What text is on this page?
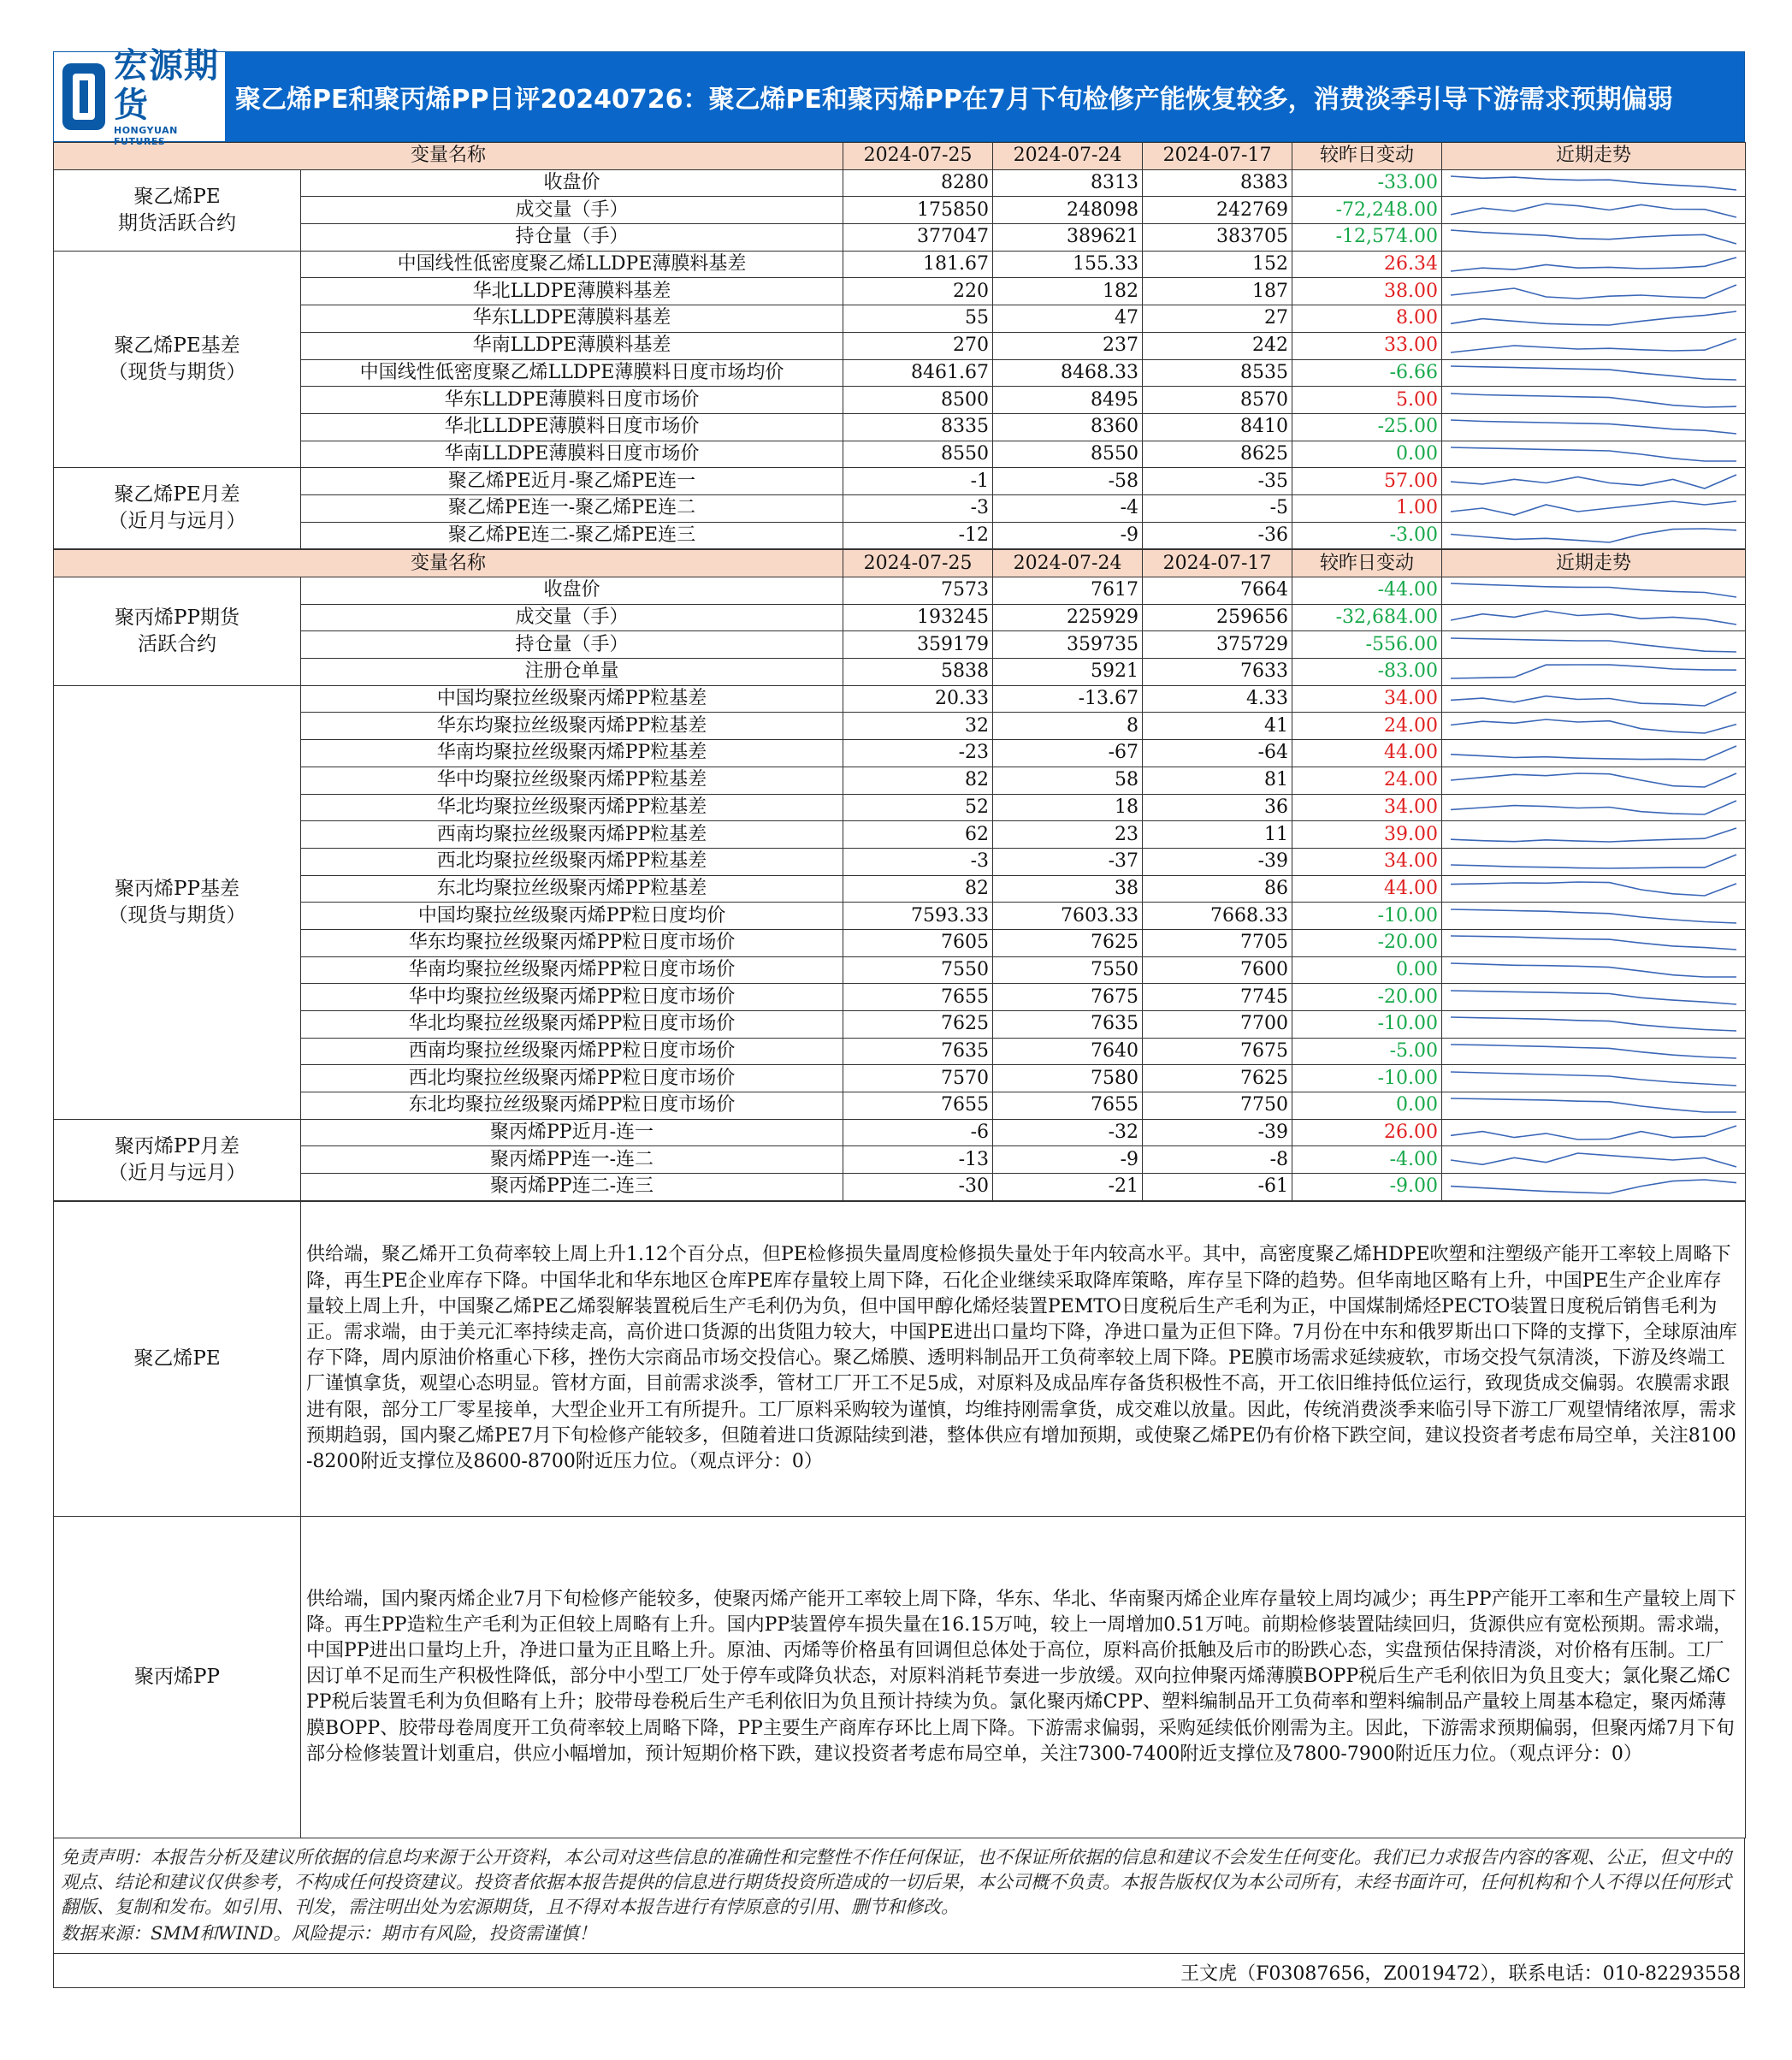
宏源期货
HONGYUAN FUTURES
聚乙烯PE和聚丙烯PP日评20240726：聚乙烯PE和聚丙烯PP在7月下旬检修产能恢复较多，消费淡季引导下游需求预期偏弱
变量名称		2024-07-25	2024-07-24	2024-07-17	较昨日变动	近期走势
聚乙烯PE
期货活跃合约	收盘价	8280	8313	8383	-33.00	

	成交量（手）	175850	248098	242769	-72,248.00	

	持仓量（手）	377047	389621	383705	-12,574.00	

聚乙烯PE基差
（现货与期货）	中国线性低密度聚乙烯LLDPE薄膜料基差	181.67	155.33	152	26.34	

	华北LLDPE薄膜料基差	220	182	187	38.00	

	华东LLDPE薄膜料基差	55	47	27	8.00	

	华南LLDPE薄膜料基差	270	237	242	33.00	

	中国线性低密度聚乙烯LLDPE薄膜料日度市场均价	8461.67	8468.33	8535	-6.66	

	华东LLDPE薄膜料日度市场价	8500	8495	8570	5.00	

	华北LLDPE薄膜料日度市场价	8335	8360	8410	-25.00	

	华南LLDPE薄膜料日度市场价	8550	8550	8625	0.00	

聚乙烯PE月差
（近月与远月）	聚乙烯PE近月-聚乙烯PE连一	-1	-58	-35	57.00	

	聚乙烯PE连一-聚乙烯PE连二	-3	-4	-5	1.00	

	聚乙烯PE连二-聚乙烯PE连三	-12	-9	-36	-3.00	
变量名称		2024-07-25	2024-07-24	2024-07-17	较昨日变动	近期走势
聚丙烯PP期货
活跃合约	收盘价	7573	7617	7664	-44.00	

	成交量（手）	193245	225929	259656	-32,684.00	

	持仓量（手）	359179	359735	375729	-556.00	

	注册仓单量	5838	5921	7633	-83.00	

聚丙烯PP基差
（现货与期货）	中国均聚拉丝级聚丙烯PP粒基差	20.33	-13.67	4.33	34.00	

	华东均聚拉丝级聚丙烯PP粒基差	32	8	41	24.00	

	华南均聚拉丝级聚丙烯PP粒基差	-23	-67	-64	44.00	

	华中均聚拉丝级聚丙烯PP粒基差	82	58	81	24.00	

	华北均聚拉丝级聚丙烯PP粒基差	52	18	36	34.00	

	西南均聚拉丝级聚丙烯PP粒基差	62	23	11	39.00	

	西北均聚拉丝级聚丙烯PP粒基差	-3	-37	-39	34.00	

	东北均聚拉丝级聚丙烯PP粒基差	82	38	86	44.00	

	中国均聚拉丝级聚丙烯PP粒日度均价	7593.33	7603.33	7668.33	-10.00	

	华东均聚拉丝级聚丙烯PP粒日度市场价	7605	7625	7705	-20.00	

	华南均聚拉丝级聚丙烯PP粒日度市场价	7550	7550	7600	0.00	

	华中均聚拉丝级聚丙烯PP粒日度市场价	7655	7675	7745	-20.00	

	华北均聚拉丝级聚丙烯PP粒日度市场价	7625	7635	7700	-10.00	

	西南均聚拉丝级聚丙烯PP粒日度市场价	7635	7640	7675	-5.00	

	西北均聚拉丝级聚丙烯PP粒日度市场价	7570	7580	7625	-10.00	

	东北均聚拉丝级聚丙烯PP粒日度市场价	7655	7655	7750	0.00	

聚丙烯PP月差
（近月与远月）	聚丙烯PP近月-连一	-6	-32	-39	26.00	

	聚丙烯PP连一-连二	-13	-9	-8	-4.00	

	聚丙烯PP连二-连三	-30	-21	-61	-9.00	
聚乙烯PE	供给端，聚乙烯开工负荷率较上周上升1.12个百分点，但PE检修损失量周度检修损失量处于年内较高水平。其中，高密度聚乙烯HDPE吹塑和注塑级产能开工率较上周略下降，再生PE企业库存下降。中国华北和华东地区仓库PE库存量较上周下降，石化企业继续采取降库策略，库存呈下降的趋势。但华南地区略有上升，中国PE生产企业库存量较上周上升，中国聚乙烯PE乙烯裂解装置税后生产毛利仍为负，但中国甲醇化烯烃装置PEMTO日度税后生产毛利为正，中国煤制烯烃PECTO装置日度税后销售毛利为正。需求端，由于美元汇率持续走高，高价进口货源的出货阻力较大，中国PE进出口量均下降，净进口量为正但下降。7月份在中东和俄罗斯出口下降的支撑下，全球原油库存下降，周内原油价格重心下移，挫伤大宗商品市场交投信心。聚乙烯膜、透明料制品开工负荷率较上周下降。PE膜市场需求延续疲软，市场交投气氛清淡，下游及终端工厂谨慎拿货，观望心态明显。管材方面，目前需求淡季，管材工厂开工不足5成，对原料及成品库存备货积极性不高，开工依旧维持低位运行，致现货成交偏弱。农膜需求跟进有限，部分工厂零星接单，大型企业开工有所提升。工厂原料采购较为谨慎，均维持刚需拿货，成交难以放量。因此，传统消费淡季来临引导下游工厂观望情绪浓厚，需求预期趋弱，国内聚乙烯PE7月下旬检修产能较多，但随着进口货源陆续到港，整体供应有增加预期，或使聚乙烯PE仍有价格下跌空间，建议投资者考虑布局空单，关注8100-8200附近支撑位及8600-8700附近压力位。（观点评分：0）
聚丙烯PP	供给端，国内聚丙烯企业7月下旬检修产能较多，使聚丙烯产能开工率较上周下降，华东、华北、华南聚丙烯企业库存量较上周均减少；再生PP产能开工率和生产量较上周下降。再生PP造粒生产毛利为正但较上周略有上升。国内PP装置停车损失量在16.15万吨，较上一周增加0.51万吨。前期检修装置陆续回归，货源供应有宽松预期。需求端，中国PP进出口量均上升，净进口量为正且略上升。原油、丙烯等价格虽有回调但总体处于高位，原料高价抵触及后市的盼跌心态，实盘预估保持清淡，对价格有压制。工厂因订单不足而生产积极性降低，部分中小型工厂处于停车或降负状态，对原料消耗节奏进一步放缓。双向拉伸聚丙烯薄膜BOPP税后生产毛利依旧为负且变大；氯化聚乙烯CPP税后装置毛利为负但略有上升；胶带母卷税后生产毛利依旧为负且预计持续为负。氯化聚丙烯CPP、塑料编制品开工负荷率和塑料编制品产量较上周基本稳定，聚丙烯薄膜BOPP、胶带母卷周度开工负荷率较上周略下降，PP主要生产商库存环比上周下降。下游需求偏弱，采购延续低价刚需为主。因此，下游需求预期偏弱，但聚丙烯7月下旬部分检修装置计划重启，供应小幅增加，预计短期价格下跌，建议投资者考虑布局空单，关注7300-7400附近支撑位及7800-7900附近压力位。（观点评分：0）
免责声明：本报告分析及建议所依据的信息均来源于公开资料，本公司对这些信息的准确性和完整性不作任何保证，也不保证所依据的信息和建议不会发生任何变化。我们已力求报告内容的客观、公正，但文中的观点、结论和建议仅供参考，不构成任何投资建议。投资者依据本报告提供的信息进行期货投资所造成的一切后果，本公司概不负责。本报告版权仅为本公司所有，未经书面许可，任何机构和个人不得以任何形式翻版、复制和发布。如引用、刊发，需注明出处为宏源期货，且不得对本报告进行有悖原意的引用、删节和修改。
数据来源：SMM和WIND。风险提示：期市有风险，投资需谨慎！
王文虎（F03087656，Z0019472），联系电话：010-82293558
